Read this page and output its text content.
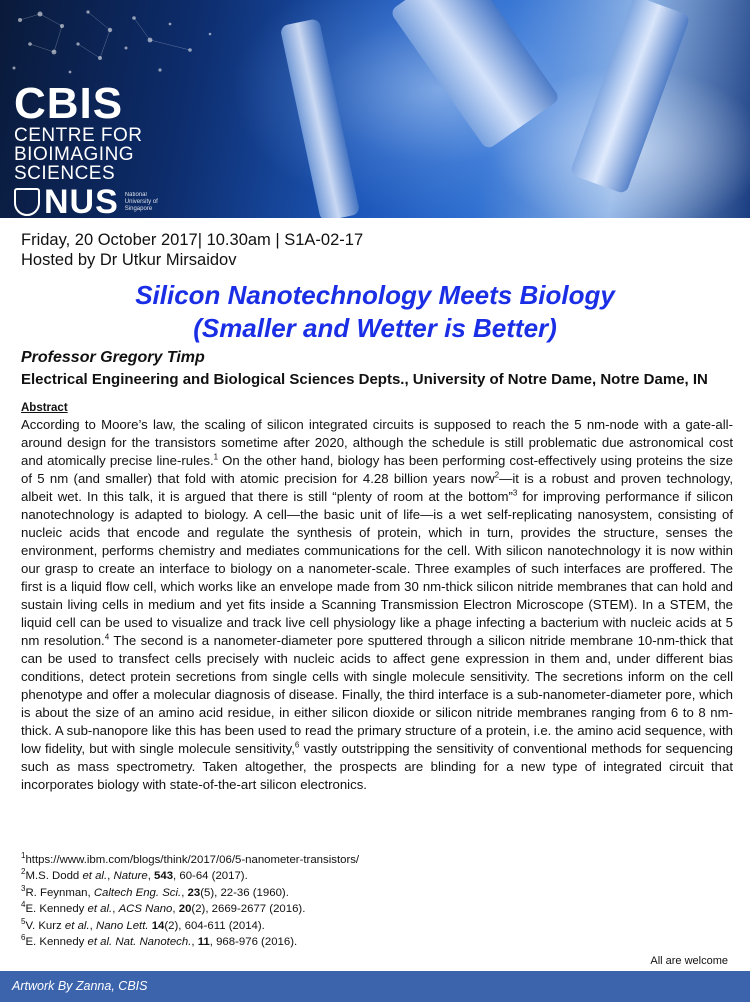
CBIS
CENTRE FOR
BIOIMAGING
SCIENCES
NUS National University of Singapore
Friday, 20 October 2017| 10.30am | S1A-02-17
Hosted by Dr Utkur Mirsaidov
Silicon Nanotechnology Meets Biology
(Smaller and Wetter is Better)
Professor Gregory Timp
Electrical Engineering and Biological Sciences Depts., University of Notre Dame, Notre Dame, IN
Abstract
According to Moore’s law, the scaling of silicon integrated circuits is supposed to reach the 5 nm-node with a gate-all-around design for the transistors sometime after 2020, although the schedule is still problematic due astronomical cost and atomically precise line-rules.$^1$ On the other hand, biology has been performing cost-effectively using proteins the size of 5 nm (and smaller) that fold with atomic precision for 4.28 billion years now$^2$—it is a robust and proven technology, albeit wet. In this talk, it is argued that there is still “plenty of room at the bottom”$^3$ for improving performance if silicon nanotechnology is adapted to biology. A cell—the basic unit of life—is a wet self-replicating nanosystem, consisting of nucleic acids that encode and regulate the synthesis of protein, which in turn, provides the structure, senses the environment, performs chemistry and mediates communications for the cell. With silicon nanotechnology it is now within our grasp to create an interface to biology on a nanometer-scale. Three examples of such interfaces are proffered. The first is a liquid flow cell, which works like an envelope made from 30 nm-thick silicon nitride membranes that can hold and sustain living cells in medium and yet fits inside a Scanning Transmission Electron Microscope (STEM). In a STEM, the liquid cell can be used to visualize and track live cell physiology like a phage infecting a bacterium with nucleic acids at 5 nm resolution.$^4$ The second is a nanometer-diameter pore sputtered through a silicon nitride membrane 10-nm-thick that can be used to transfect cells precisely with nucleic acids to affect gene expression in them and, under different bias conditions, detect protein secretions from single cells with single molecule sensitivity. The secretions inform on the cell phenotype and offer a molecular diagnosis of disease. Finally, the third interface is a sub-nanometer-diameter pore, which is about the size of an amino acid residue, in either silicon dioxide or silicon nitride membranes ranging from 6 to 8 nm-thick. A sub-nanopore like this has been used to read the primary structure of a protein, i.e. the amino acid sequence, with low fidelity, but with single molecule sensitivity,$^6$ vastly outstripping the sensitivity of conventional methods for sequencing such as mass spectrometry. Taken altogether, the prospects are blinding for a new type of integrated circuit that incorporates biology with state-of-the-art silicon electronics.
$^1$https://www.ibm.com/blogs/think/2017/06/5-nanometer-transistors/
$^2$M.S. Dodd et al., Nature, 543, 60-64 (2017).
$^3$R. Feynman, Caltech Eng. Sci., 23(5), 22-36 (1960).
$^4$E. Kennedy et al., ACS Nano, 20(2), 2669-2677 (2016).
$^5$V. Kurz et al., Nano Lett. 14(2), 604-611 (2014).
$^6$E. Kennedy et al. Nat. Nanotech., 11, 968-976 (2016).
All are welcome
Artwork By Zanna, CBIS
